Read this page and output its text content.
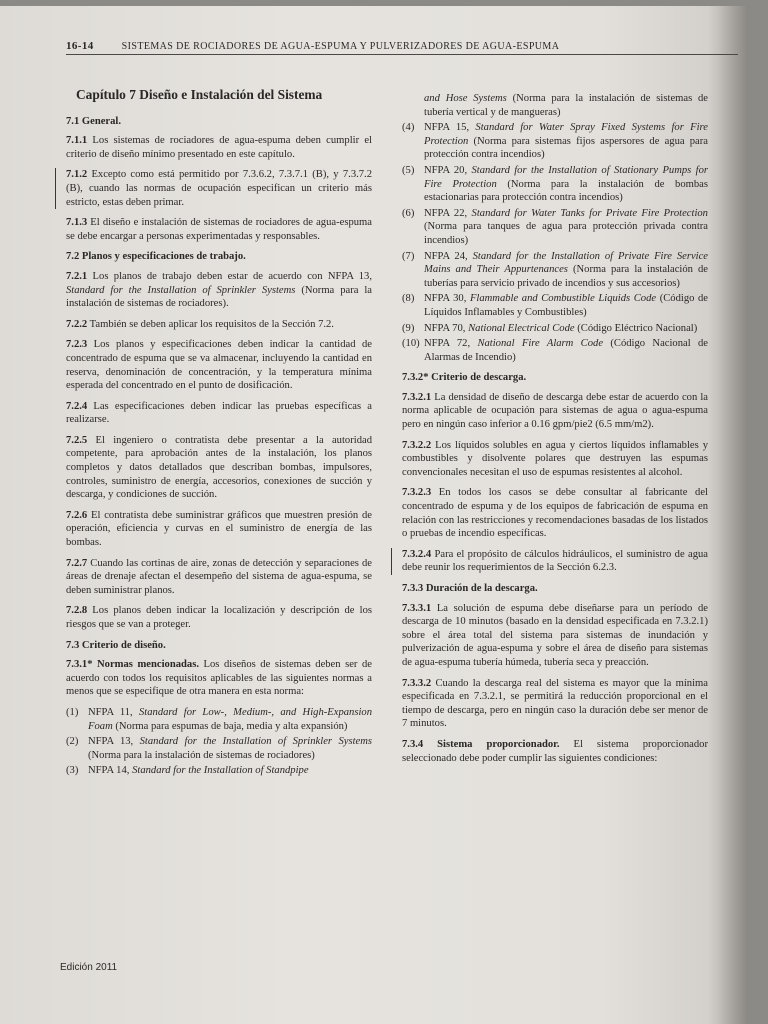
16-14	SISTEMAS DE ROCIADORES DE AGUA-ESPUMA Y PULVERIZADORES DE AGUA-ESPUMA
Capítulo 7 Diseño e Instalación del Sistema
7.1 General.

7.1.1 Los sistemas de rociadores de agua-espuma deben cumplir el criterio de diseño mínimo presentado en este capítulo.

7.1.2 Excepto como está permitido por 7.3.6.2, 7.3.7.1 (B), y 7.3.7.2 (B), cuando las normas de ocupación especifican un criterio más estricto, estas deben primar.

7.1.3 El diseño e instalación de sistemas de rociadores de agua-espuma se debe encargar a personas experimentadas y responsables.

7.2 Planos y especificaciones de trabajo.

7.2.1 Los planos de trabajo deben estar de acuerdo con NFPA 13, Standard for the Installation of Sprinkler Systems (Norma para la instalación de sistemas de rociadores).

7.2.2 También se deben aplicar los requisitos de la Sección 7.2.

7.2.3 Los planos y especificaciones deben indicar la cantidad de concentrado de espuma que se va almacenar, incluyendo la cantidad en reserva, denominación de concentración, y la temperatura mínima esperada del concentrado en el punto de dosificación.

7.2.4 Las especificaciones deben indicar las pruebas específicas a realizarse.

7.2.5 El ingeniero o contratista debe presentar a la autoridad competente, para aprobación antes de la instalación, los planos completos y datos detallados que describan bombas, impulsores, controles, suministro de energía, accesorios, conexiones de succión y descarga, y condiciones de succión.

7.2.6 El contratista debe suministrar gráficos que muestren presión de operación, eficiencia y curvas en el suministro de energía de las bombas.

7.2.7 Cuando las cortinas de aire, zonas de detección y separaciones de áreas de drenaje afectan el desempeño del sistema de agua-espuma, se deben suministrar planos.

7.2.8 Los planos deben indicar la localización y descripción de los riesgos que se van a proteger.

7.3 Criterio de diseño.

7.3.1* Normas mencionadas. Los diseños de sistemas deben ser de acuerdo con todos los requisitos aplicables de las siguientes normas a menos que se especifique de otra manera en esta norma:

(1) NFPA 11, Standard for Low-, Medium-, and High-Expansion Foam (Norma para espumas de baja, media y alta expansión)
(2) NFPA 13, Standard for the Installation of Sprinkler Systems (Norma para la instalación de sistemas de rociadores)
(3) NFPA 14, Standard for the Installation of Standpipe
and Hose Systems (Norma para la instalación de sistemas de tubería vertical y de mangueras)
(4) NFPA 15, Standard for Water Spray Fixed Systems for Fire Protection (Norma para sistemas fijos aspersores de agua para protección contra incendios)
(5) NFPA 20, Standard for the Installation of Stationary Pumps for Fire Protection (Norma para la instalación de bombas estacionarias para protección contra incendios)
(6) NFPA 22, Standard for Water Tanks for Private Fire Protection (Norma para tanques de agua para protección privada contra incendios)
(7) NFPA 24, Standard for the Installation of Private Fire Service Mains and Their Appurtenances (Norma para la instalación de tuberías para servicio privado de incendios y sus accesorios)
(8) NFPA 30, Flammable and Combustible Liquids Code (Código de Líquidos Inflamables y Combustibles)
(9) NFPA 70, National Electrical Code (Código Eléctrico Nacional)
(10) NFPA 72, National Fire Alarm Code (Código Nacional de Alarmas de Incendio)
7.3.2* Criterio de descarga.

7.3.2.1 La densidad de diseño de descarga debe estar de acuerdo con la norma aplicable de ocupación para sistemas de agua o agua-espuma pero en ningún caso inferior a 0.16 gpm/pie2 (6.5 mm/m2).

7.3.2.2 Los líquidos solubles en agua y ciertos líquidos inflamables y combustibles y disolvente polares que destruyen las espumas convencionales necesitan el uso de espumas resistentes al alcohol.

7.3.2.3 En todos los casos se debe consultar al fabricante del concentrado de espuma y de los equipos de fabricación de espuma en relación con las restricciones y recomendaciones basadas de los listados o pruebas de incendio específicas.

7.3.2.4 Para el propósito de cálculos hidráulicos, el suministro de agua debe reunir los requerimientos de la Sección 6.2.3.

7.3.3 Duración de la descarga.

7.3.3.1 La solución de espuma debe diseñarse para un período de descarga de 10 minutos (basado en la densidad especificada en 7.3.2.1) sobre el área total del sistema para sistemas de inundación y pulverización de agua-espuma y sobre el área de diseño para sistemas de agua-espuma tubería húmeda, tubería seca y preacción.

7.3.3.2 Cuando la descarga real del sistema es mayor que la mínima especificada en 7.3.2.1, se permitirá la reducción proporcional en el tiempo de descarga, pero en ningún caso la duración debe ser menor de 7 minutos.

7.3.4 Sistema proporcionador. El sistema proporcionador seleccionado debe poder cumplir las siguientes condiciones:

Edición 2011
